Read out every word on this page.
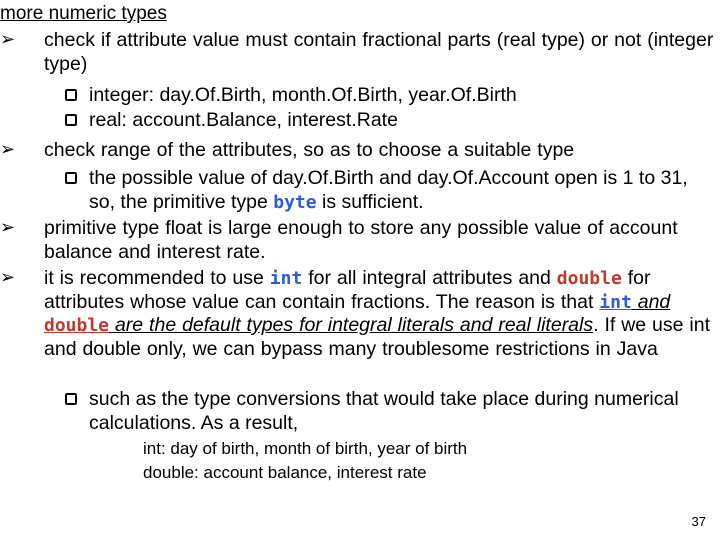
more numeric types
➢ check if attribute value must contain fractional parts (real type) or not (integer type)
integer: day.Of.Birth, month.Of.Birth, year.Of.Birth
real: account.Balance, interest.Rate
➢ check range of the attributes, so as to choose a suitable type
the possible value of day.Of.Birth and day.Of.Account open is 1 to 31, so, the primitive type byte is sufficient.
➢ primitive type float is large enough to store any possible value of account balance and interest rate.
➢ it is recommended to use int for all integral attributes and double for attributes whose value can contain fractions. The reason is that int and double are the default types for integral literals and real literals. If we use int and double only, we can bypass many troublesome restrictions in Java
such as the type conversions that would take place during numerical calculations. As a result,
int: day of birth, month of birth, year of birth
double: account balance, interest rate
37
